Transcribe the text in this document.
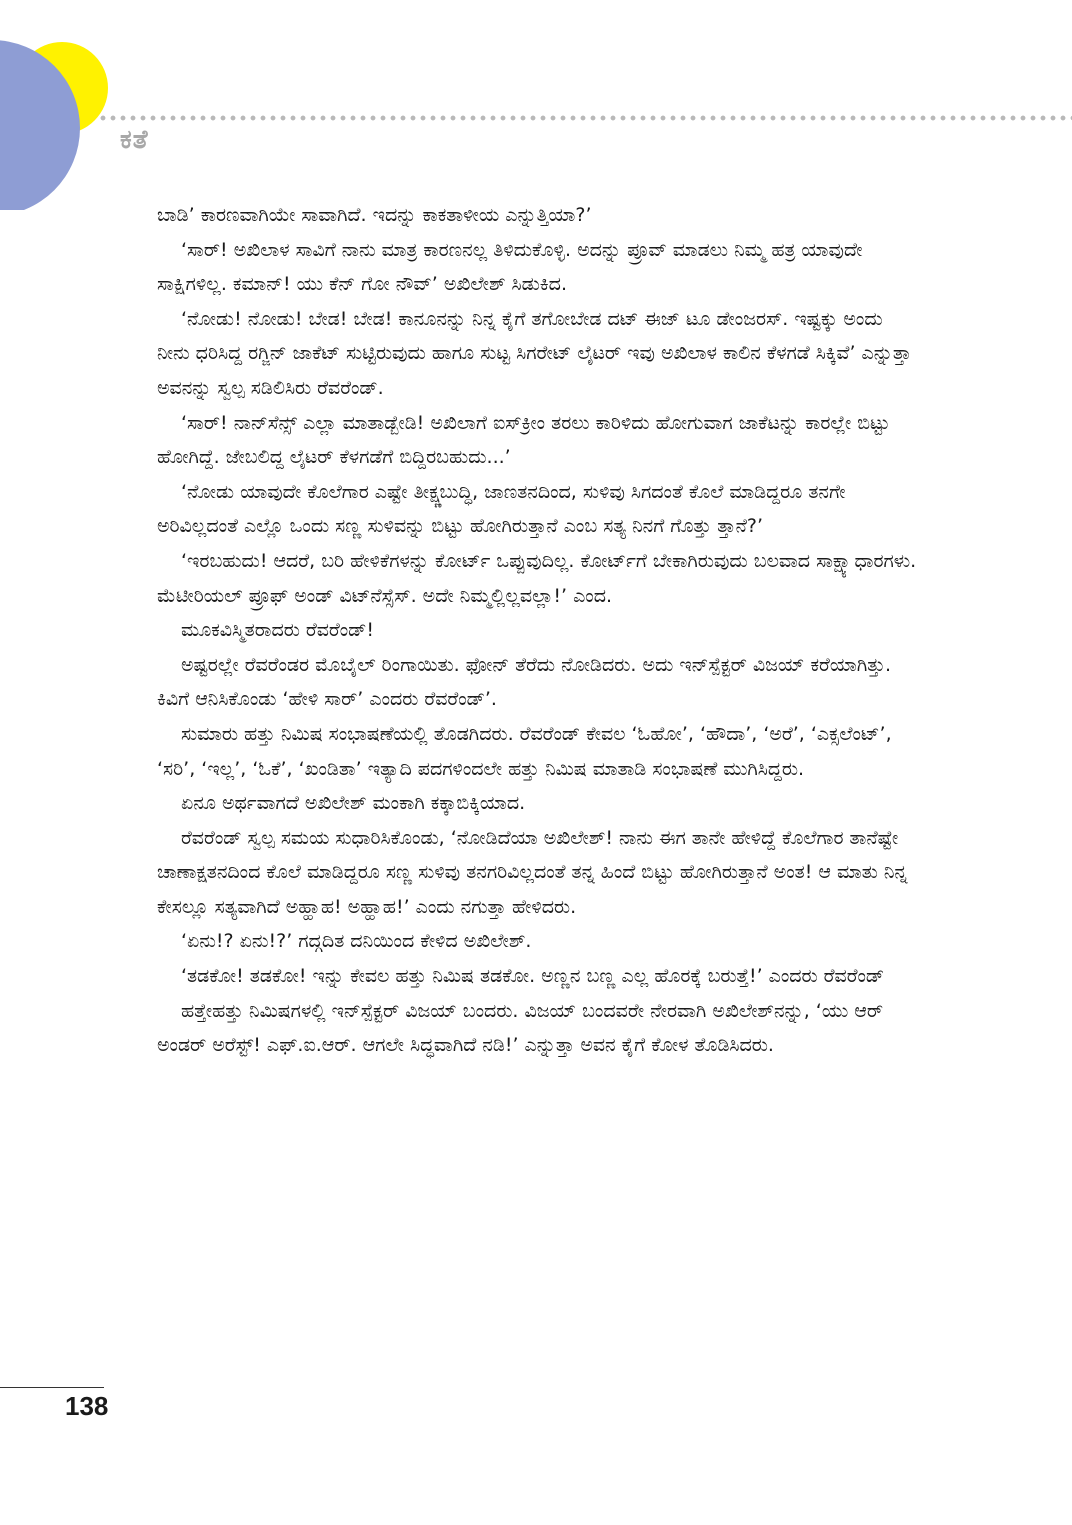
ಕತೆ

ಬಾಡಿ’ ಕಾರಣವಾಗಿಯೇ ಸಾವಾಗಿದೆ. ಇದನ್ನು ಕಾಕತಾಳೀಯ ಎನ್ನುತ್ತಿಯಾ?’

‘ಸಾರ್! ಅಖಿಲಾಳ ಸಾವಿಗೆ ನಾನು ಮಾತ್ರ ಕಾರಣನಲ್ಲ ತಿಳಿದುಕೊಳ್ಳಿ. ಅದನ್ನು ಪ್ರೂವ್ ಮಾಡಲು ನಿಮ್ಮ ಹತ್ರ ಯಾವುದೇ ಸಾಕ್ಷಿಗಳಿಲ್ಲ. ಕಮಾನ್! ಯು ಕೆನ್ ಗೋ ನೌವ್’ ಅಖಿಲೇಶ್ ಸಿಡುಕಿದ.

‘ನೋಡು! ನೋಡು! ಬೇಡ! ಬೇಡ! ಕಾನೂನನ್ನು ನಿನ್ನ ಕೈಗೆ ತಗೋಬೇಡ ದಟ್ ಈಜ್ ಟೂ ಡೇಂಜರಸ್. ಇಷ್ಟಕ್ಕು ಅಂದು ನೀನು ಧರಿಸಿದ್ದ ರಗ್ಜಿನ್ ಜಾಕೆಟ್ ಸುಟ್ಟಿರುವುದು ಹಾಗೂ ಸುಟ್ಟ ಸಿಗರೇಟ್ ಲೈಟರ್ ಇವು ಅಖಿಲಾಳ ಕಾಲಿನ ಕೆಳಗಡೆ ಸಿಕ್ಕಿವೆ’ ಎನ್ನುತ್ತಾ ಅವನನ್ನು ಸ್ವಲ್ಪ ಸಡಿಲಿಸಿರು ರೆವರೆಂಡ್.

‘ಸಾರ್! ನಾನ್‌ಸೆನ್ಸ್ ಎಲ್ಲಾ ಮಾತಾಡ್ಬೇಡಿ! ಅಖಿಲಾಗೆ ಐಸ್‌ಕ್ರೀಂ ತರಲು ಕಾರಿಳಿದು ಹೋಗುವಾಗ ಜಾಕೆಟನ್ನು ಕಾರಲ್ಲೇ ಬಿಟ್ಟು ಹೋಗಿದ್ದೆ. ಜೇಬಲಿದ್ದ ಲೈಟರ್ ಕೆಳಗಡೆಗೆ ಬಿದ್ದಿರಬಹುದು...’

‘ನೋಡು ಯಾವುದೇ ಕೊಲೆಗಾರ ಎಷ್ಟೇ ತೀಕ್ಷ್ಣಬುದ್ಧಿ, ಜಾಣತನದಿಂದ, ಸುಳಿವು ಸಿಗದಂತೆ ಕೊಲೆ ಮಾಡಿದ್ದರೂ ತನಗೇ ಅರಿವಿಲ್ಲದಂತೆ ಎಲ್ಲೊ ಒಂದು ಸಣ್ಣ ಸುಳಿವನ್ನು ಬಿಟ್ಟು ಹೋಗಿರುತ್ತಾನೆ ಎಂಬ ಸತ್ಯ ನಿನಗೆ ಗೊತ್ತು ತ್ತಾನೆ?’

‘ಇರಬಹುದು! ಆದರೆ, ಬರಿ ಹೇಳಿಕೆಗಳನ್ನು ಕೋರ್ಟ್ ಒಪ್ಪುವುದಿಲ್ಲ. ಕೋರ್ಟ್‌ಗೆ ಬೇಕಾಗಿರುವುದು ಬಲವಾದ ಸಾಕ್ಷ್ಯಾಧಾರಗಳು. ಮೆಟೀರಿಯಲ್ ಪ್ರೂಫ್ ಅಂಡ್ ವಿಟ್‌ನೆಸ್ಸೆಸ್. ಅದೇ ನಿಮ್ಮಲ್ಲಿಲ್ಲವಲ್ಲಾ!’ ಎಂದ.

ಮೂಕವಿಸ್ಮಿತರಾದರು ರೆವರೆಂಡ್!

ಅಷ್ಟರಲ್ಲೇ ರೆವರೆಂಡರ ಮೊಬೈಲ್ ರಿಂಗಾಯಿತು. ಫೋನ್ ತೆರೆದು ನೋಡಿದರು. ಅದು ಇನ್‌ಸ್ಪೆಕ್ಟರ್ ವಿಜಯ್ ಕರೆಯಾಗಿತ್ತು. ಕಿವಿಗೆ ಆನಿಸಿಕೊಂಡು ‘ಹೇಳಿ ಸಾರ್’ ಎಂದರು ರೆವರೆಂಡ್’.

ಸುಮಾರು ಹತ್ತು ನಿಮಿಷ ಸಂಭಾಷಣೆಯಲ್ಲಿ ತೊಡಗಿದರು. ರೆವರೆಂಡ್ ಕೇವಲ ‘ಓಹೋ’, ‘ಹೌದಾ’, ‘ಅರೆ’, ‘ಎಕ್ಸಲೆಂಟ್’, ‘ಸರಿ’, ‘ಇಲ್ಲ’, ‘ಓಕೆ’, ‘ಖಂಡಿತಾ’ ಇತ್ಯಾದಿ ಪದಗಳಿಂದಲೇ ಹತ್ತು ನಿಮಿಷ ಮಾತಾಡಿ ಸಂಭಾಷಣೆ ಮುಗಿಸಿದ್ದರು.

ಏನೂ ಅರ್ಥವಾಗದೆ ಅಖಿಲೇಶ್ ಮಂಕಾಗಿ ಕಕ್ಕಾಬಿಕ್ಕಿಯಾದ.

ರೆವರೆಂಡ್ ಸ್ವಲ್ಪ ಸಮಯ ಸುಧಾರಿಸಿಕೊಂಡು, ‘ನೋಡಿದೆಯಾ ಅಖಿಲೇಶ್! ನಾನು ಈಗ ತಾನೇ ಹೇಳಿದ್ದೆ ಕೊಲೆಗಾರ ತಾನೆಷ್ಟೇ ಚಾಣಾಕ್ಷತನದಿಂದ ಕೊಲೆ ಮಾಡಿದ್ದರೂ ಸಣ್ಣ ಸುಳಿವು ತನಗರಿವಿಲ್ಲದಂತೆ ತನ್ನ ಹಿಂದೆ ಬಿಟ್ಟು ಹೋಗಿರುತ್ತಾನೆ ಅಂತ! ಆ ಮಾತು ನಿನ್ನ ಕೇಸಲ್ಲೂ ಸತ್ಯವಾಗಿದೆ ಅಹ್ಹಾಹ! ಅಹ್ಹಾಹ!’ ಎಂದು ನಗುತ್ತಾ ಹೇಳಿದರು.

‘ಏನು!? ಏನು!?’ ಗದ್ಗದಿತ ದನಿಯಿಂದ ಕೇಳಿದ ಅಖಿಲೇಶ್.

‘ತಡಕೋ! ತಡಕೋ! ಇನ್ನು ಕೇವಲ ಹತ್ತು ನಿಮಿಷ ತಡಕೋ. ಅಣ್ಣನ ಬಣ್ಣ ಎಲ್ಲ ಹೊರಕ್ಕೆ ಬರುತ್ತೆ!’ ಎಂದರು ರೆವರೆಂಡ್

ಹತ್ತೇಹತ್ತು ನಿಮಿಷಗಳಲ್ಲಿ ಇನ್‌ಸ್ಪೆಕ್ಟರ್ ವಿಜಯ್ ಬಂದರು. ವಿಜಯ್ ಬಂದವರೇ ನೇರವಾಗಿ ಅಖಿಲೇಶ್‌ನನ್ನು, ‘ಯು ಆರ್ ಅಂಡರ್ ಅರೆಸ್ಟ್! ಎಫ್.ಐ.ಆರ್. ಆಗಲೇ ಸಿದ್ಧವಾಗಿದೆ ನಡಿ!’ ಎನ್ನುತ್ತಾ ಅವನ ಕೈಗೆ ಕೋಳ ತೊಡಿಸಿದರು.

138
